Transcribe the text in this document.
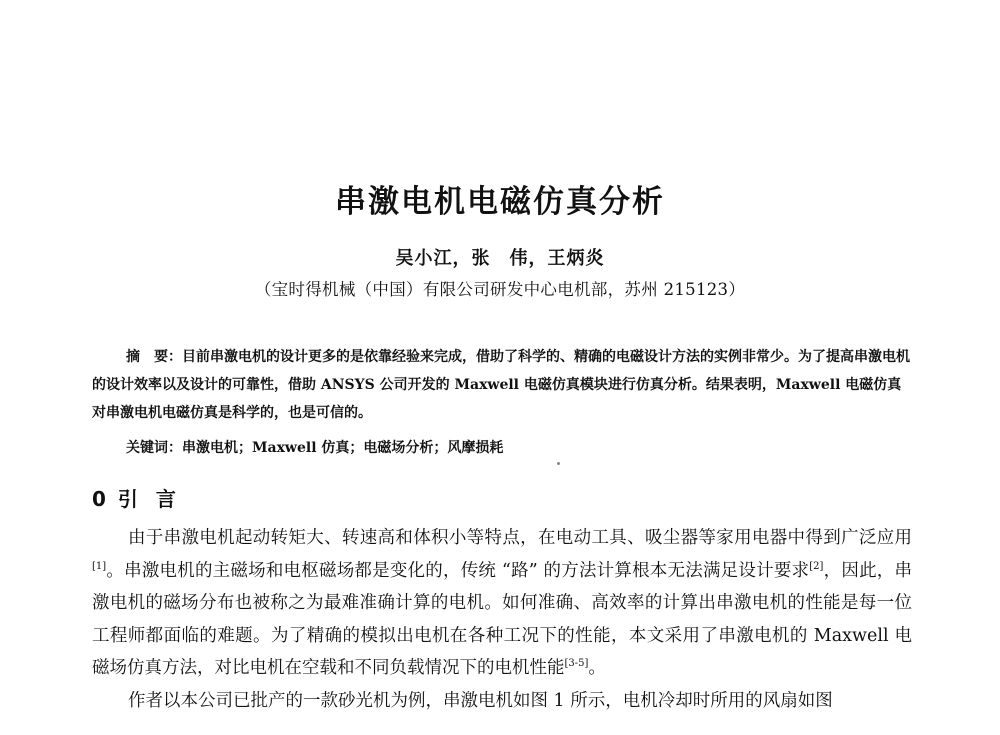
串激电机电磁仿真分析
吴小江，张　伟，王炳炎
（宝时得机械（中国）有限公司研发中心电机部，苏州 215123）
摘 要：目前串激电机的设计更多的是依靠经验来完成，借助了科学的、精确的电磁设计方法的实例非常少。为了提高串激电机的设计效率以及设计的可靠性，借助 ANSYS 公司开发的 Maxwell 电磁仿真模块进行仿真分析。结果表明，Maxwell 电磁仿真对串激电机电磁仿真是科学的，也是可信的。
关键词：串激电机；Maxwell 仿真；电磁场分析；风摩损耗
0 引 言

由于串激电机起动转矩大、转速高和体积小等特点，在电动工具、吸尘器等家用电器中得到广泛应用[1]。串激电机的主磁场和电枢磁场都是变化的，传统 “路” 的方法计算根本无法满足设计要求[2]，因此，串激电机的磁场分布也被称之为最难准确计算的电机。如何准确、高效率的计算出串激电机的性能是每一位工程师都面临的难题。为了精确的模拟出电机在各种工况下的性能，本文采用了串激电机的 Maxwell 电磁场仿真方法，对比电机在空载和不同负载情况下的电机性能[3-5]。

作者以本公司已批产的一款砂光机为例，串激电机如图 1 所示，电机冷却时所用的风扇如图
